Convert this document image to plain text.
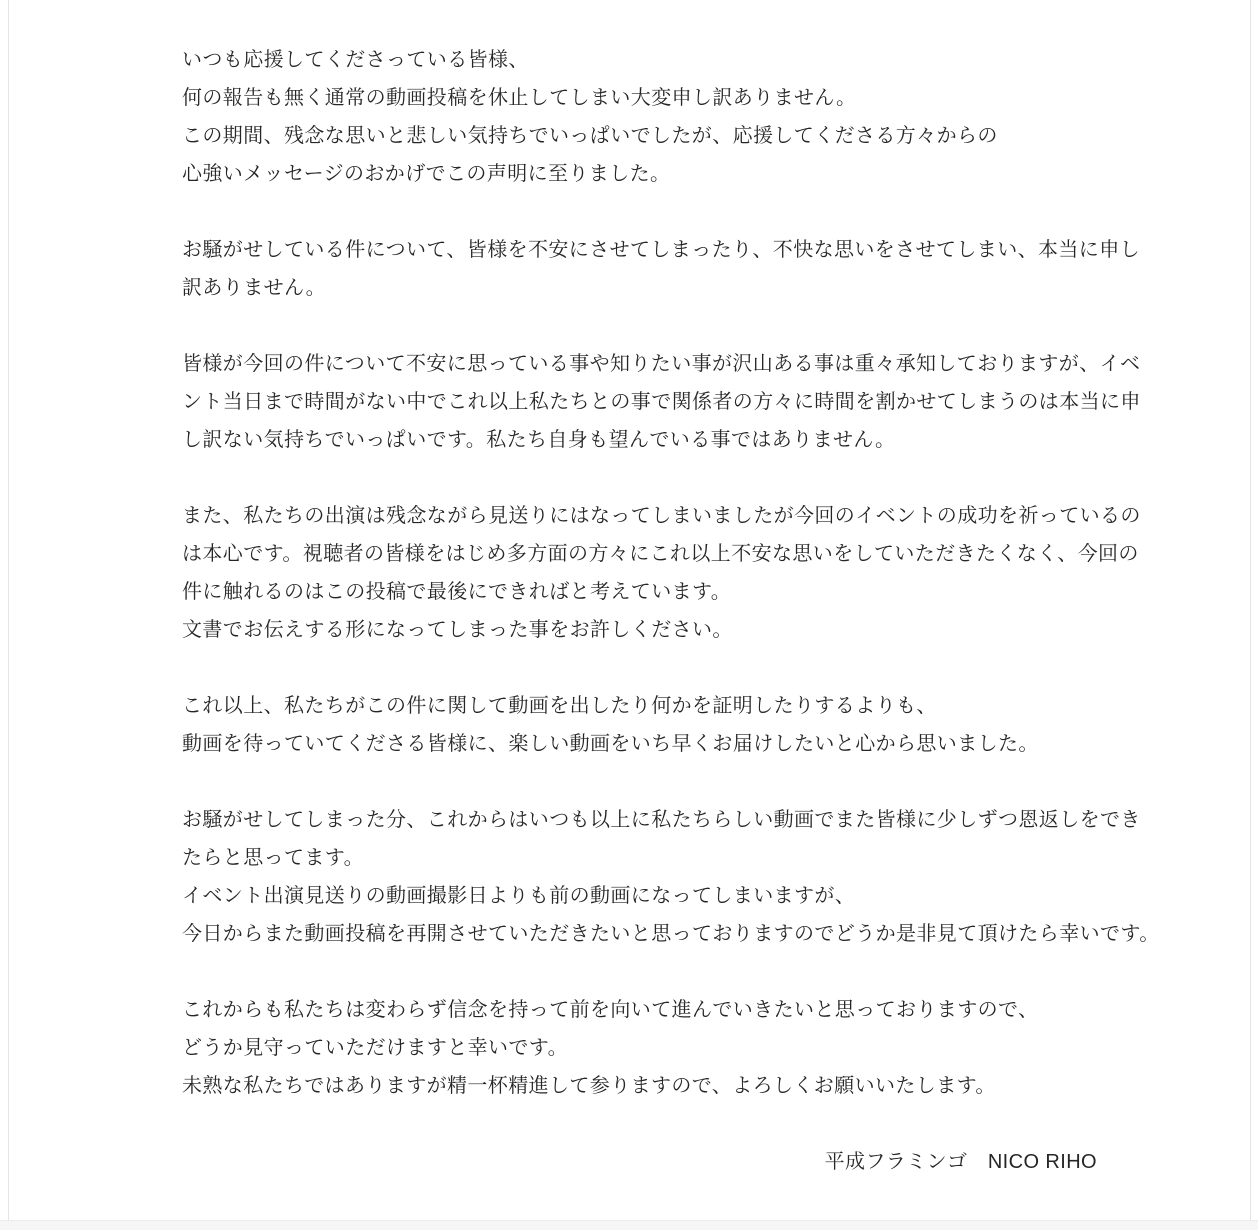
いつも応援してくださっている皆様、
何の報告も無く通常の動画投稿を休止してしまい大変申し訳ありません。
この期間、残念な思いと悲しい気持ちでいっぱいでしたが、応援してくださる方々からの
心強いメッセージのおかげでこの声明に至りました。
お騒がせしている件について、皆様を不安にさせてしまったり、不快な思いをさせてしまい、本当に申し
訳ありません。
皆様が今回の件について不安に思っている事や知りたい事が沢山ある事は重々承知しておりますが、イベ
ント当日まで時間がない中でこれ以上私たちとの事で関係者の方々に時間を割かせてしまうのは本当に申
し訳ない気持ちでいっぱいです。私たち自身も望んでいる事ではありません。
また、私たちの出演は残念ながら見送りにはなってしまいましたが今回のイベントの成功を祈っているの
は本心です。視聴者の皆様をはじめ多方面の方々にこれ以上不安な思いをしていただきたくなく、今回の
件に触れるのはこの投稿で最後にできればと考えています。
文書でお伝えする形になってしまった事をお許しください。
これ以上、私たちがこの件に関して動画を出したり何かを証明したりするよりも、
動画を待っていてくださる皆様に、楽しい動画をいち早くお届けしたいと心から思いました。
お騒がせしてしまった分、これからはいつも以上に私たちらしい動画でまた皆様に少しずつ恩返しをでき
たらと思ってます。
イベント出演見送りの動画撮影日よりも前の動画になってしまいますが、
今日からまた動画投稿を再開させていただきたいと思っておりますのでどうか是非見て頂けたら幸いです。
これからも私たちは変わらず信念を持って前を向いて進んでいきたいと思っておりますので、
どうか見守っていただけますと幸いです。
未熟な私たちではありますが精一杯精進して参りますので、よろしくお願いいたします。
平成フラミンゴ　NICO RIHO
